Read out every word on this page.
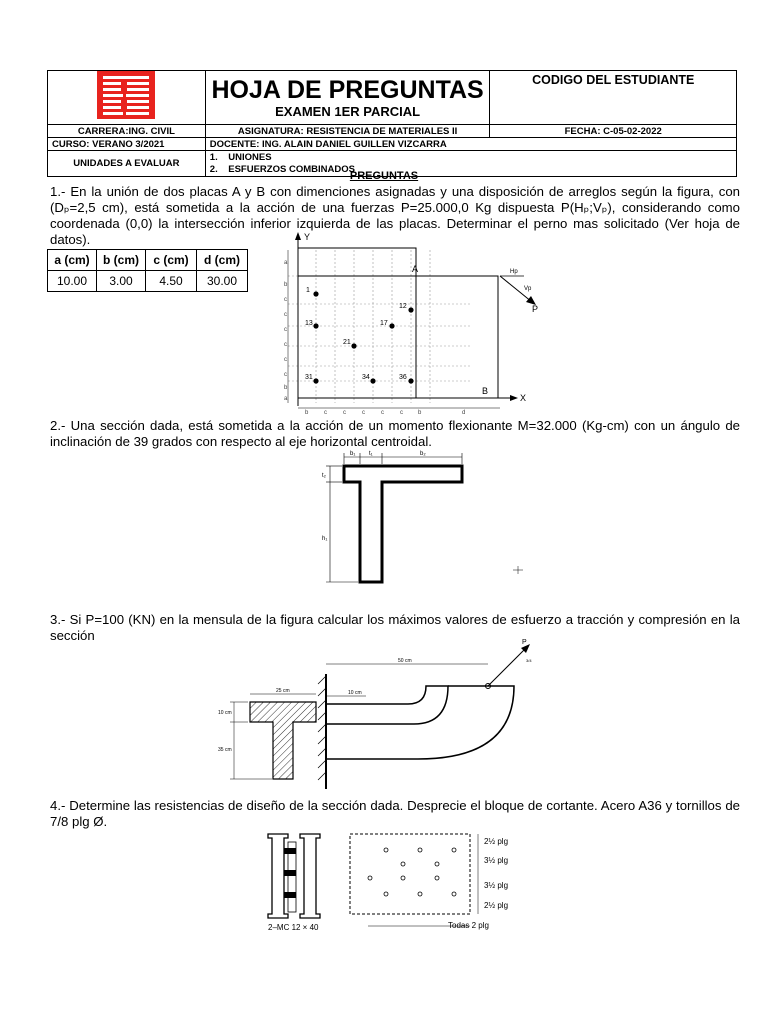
HOJA DE PREGUNTAS
EXAMEN 1ER PARCIAL	CODIGO DEL ESTUDIANTE

CARRERA:ING. CIVIL	ASIGNATURA: RESISTENCIA DE MATERIALES II	FECHA: C-05-02-2022
CURSO: VERANO 3/2021	DOCENTE: ING. ALAIN DANIEL GUILLEN VIZCARRA	
UNIDADES A EVALUAR	1.    UNIONES
2.    ESFUERZOS COMBINADOS	
PREGUNTAS
1.- En la unión de dos placas A y B con dimenciones asignadas y una disposición de arreglos según la figura, con (Dₚ=2,5 cm), está sometida a la acción de una fuerzas P=25.000,0 Kg dispuesta P(Hₚ;Vₚ), considerando como coordenada (0,0) la intersección inferior izquierda de las placas. Determinar el perno mas solicitado (Ver hoja de datos).
a (cm)	b (cm)	c (cm)	d (cm)
10.00	3.00	4.50	30.00
Y
X
A
B
Hp
Vp
P
1
12
13	17
21
31	34	36
a
b
c
c
c
c
c
c
b
a
b	c	c	c	c	c	b	d
2.- Una sección dada, está sometida a la acción de un momento flexionante M=32.000 (Kg-cm) con un ángulo de inclinación de 39 grados con respecto al eje horizontal centroidal.
b₁ t₁	b₂
t₂
h₁
3.- Si P=100 (KN) en la mensula de la figura calcular los máximos valores de esfuerzo a tracción y compresión en la sección
25 cm
10 cm
35 cm
P
3/4
50 cm
10 cm
4.- Determine las resistencias de diseño de la sección dada. Desprecie el bloque de cortante. Acero A36 y tornillos de 7/8 plg Ø.
2–MC 12 × 40
2½ plg
3½ plg
3½ plg
2½ plg
Todas 2 plg
